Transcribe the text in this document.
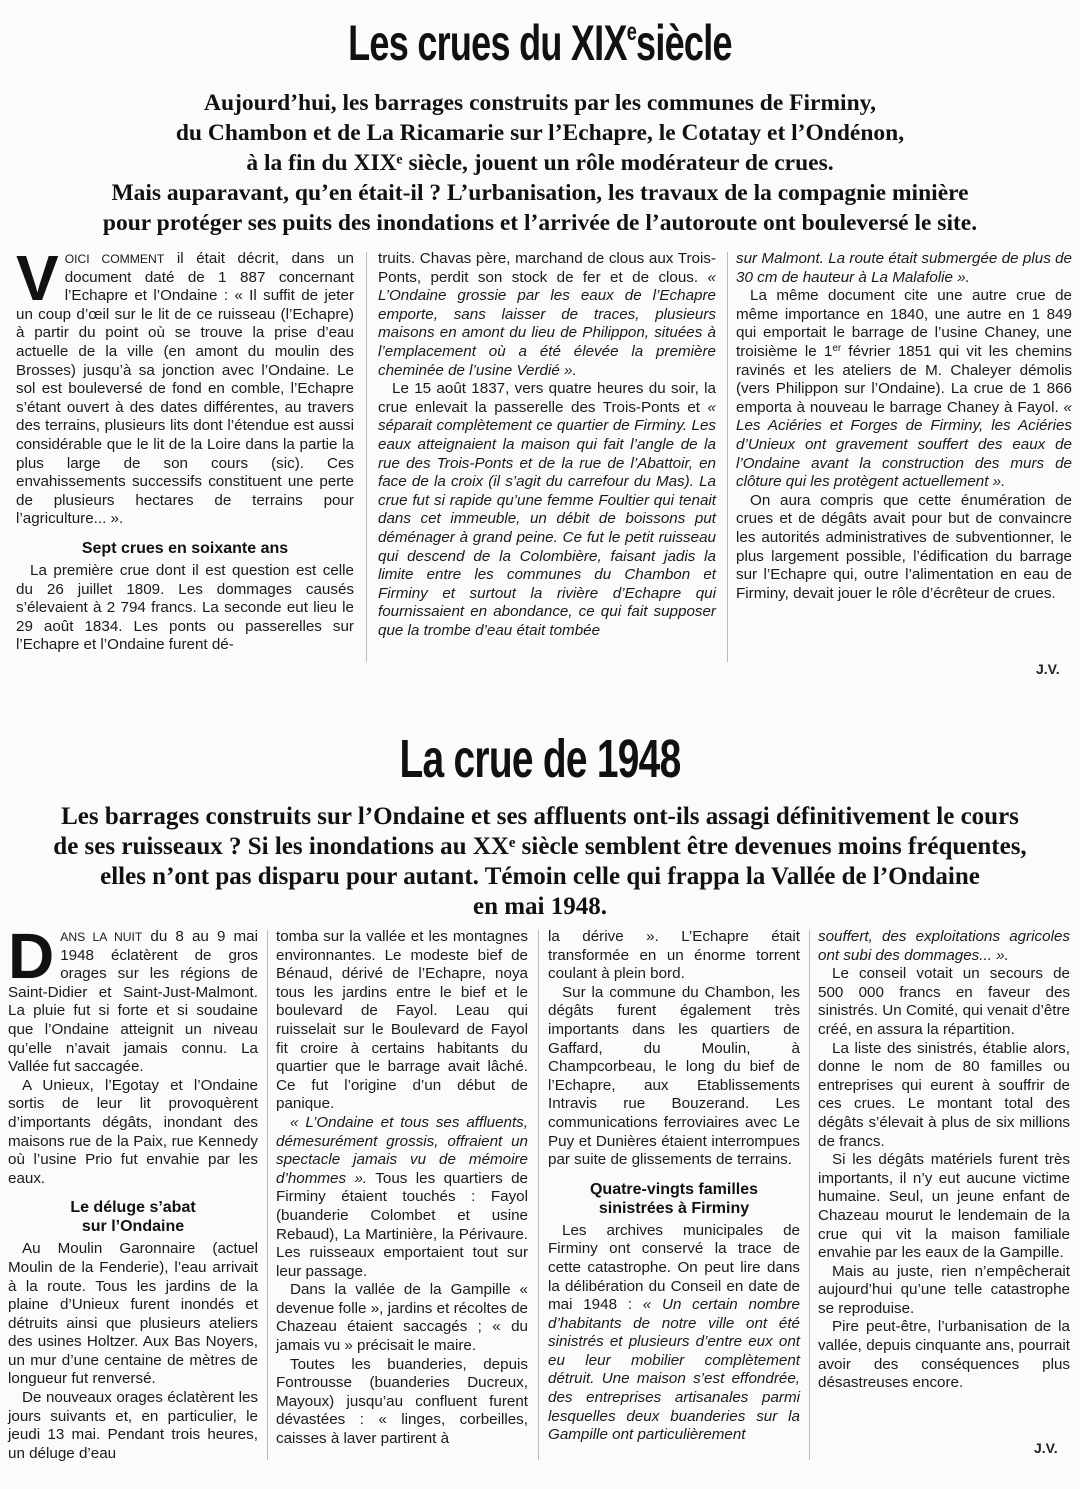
Les crues du XIXesiècle
Aujourd’hui, les barrages construits par les communes de Firminy,
du Chambon et de La Ricamarie sur l’Echapre, le Cotatay et l’Ondénon,
à la fin du XIXᵉ siècle, jouent un rôle modérateur de crues.
Mais auparavant, qu’en était-il ? L’urbanisation, les travaux de la compagnie minière
pour protéger ses puits des inondations et l’arrivée de l’autoroute ont bouleversé le site.

VOICI COMMENT il était décrit, dans un document daté de 1 887 concernant l’Echapre et l’Ondaine : « Il suffit de jeter un coup d’œil sur le lit de ce ruisseau (l’Echapre) à partir du point où se trouve la prise d’eau actuelle de la ville (en amont du moulin des Brosses) jusqu’à sa jonction avec l’Ondaine. Le sol est bouleversé de fond en comble, l’Echapre s’étant ouvert à des dates différentes, au travers des terrains, plusieurs lits dont l’étendue est aussi considérable que le lit de la Loire dans la partie la plus large de son cours (sic). Ces envahissements successifs constituent une perte de plusieurs hectares de terrains pour l’agriculture... ».

Sept crues en soixante ans

La première crue dont il est question est celle du 26 juillet 1809. Les dommages causés s’élevaient à 2 794 francs. La seconde eut lieu le 29 août 1834. Les ponts ou passerelles sur l’Echapre et l’Ondaine furent dé-

truits. Chavas père, marchand de clous aux Trois-Ponts, perdit son stock de fer et de clous. « L’Ondaine grossie par les eaux de l’Echapre emporte, sans laisser de traces, plusieurs maisons en amont du lieu de Philippon, situées à l’emplacement où a été élevée la première cheminée de l’usine Verdié ».

Le 15 août 1837, vers quatre heures du soir, la crue enlevait la passerelle des Trois-Ponts et « séparait complètement ce quartier de Firminy. Les eaux atteignaient la maison qui fait l’angle de la rue des Trois-Ponts et de la rue de l’Abattoir, en face de la croix (il s’agit du carrefour du Mas). La crue fut si rapide qu’une femme Foultier qui tenait dans cet immeuble, un débit de boissons put déménager à grand peine. Ce fut le petit ruisseau qui descend de la Colombière, faisant jadis la limite entre les communes du Chambon et Firminy et surtout la rivière d’Echapre qui fournissaient en abondance, ce qui fait supposer que la trombe d’eau était tombée

sur Malmont. La route était submergée de plus de 30 cm de hauteur à La Malafolie ».

La même document cite une autre crue de même importance en 1840, une autre en 1 849 qui emportait le barrage de l’usine Chaney, une troisième le 1er février 1851 qui vit les chemins ravinés et les ateliers de M. Chaleyer démolis (vers Philippon sur l’Ondaine). La crue de 1 866 emporta à nouveau le barrage Chaney à Fayol. « Les Aciéries et Forges de Firminy, les Aciéries d’Unieux ont gravement souffert des eaux de l’Ondaine avant la construction des murs de clôture qui les protègent actuellement ».

On aura compris que cette énumération de crues et de dégâts avait pour but de convaincre les autorités administratives de subventionner, le plus largement possible, l’édification du barrage sur l’Echapre qui, outre l’alimentation en eau de Firminy, devait jouer le rôle d’écrêteur de crues.

J.V.
La crue de 1948
Les barrages construits sur l’Ondaine et ses affluents ont-ils assagi définitivement le cours
de ses ruisseaux ? Si les inondations au XXᵉ siècle semblent être devenues moins fréquentes,
elles n’ont pas disparu pour autant. Témoin celle qui frappa la Vallée de l’Ondaine
en mai 1948.

DANS LA NUIT du 8 au 9 mai 1948 éclatèrent de gros orages sur les régions de Saint-Didier et Saint-Just-Malmont. La pluie fut si forte et si soudaine que l’Ondaine atteignit un niveau qu’elle n’avait jamais connu. La Vallée fut saccagée.

A Unieux, l’Egotay et l’Ondaine sortis de leur lit provoquèrent d’importants dégâts, inondant des maisons rue de la Paix, rue Kennedy où l’usine Prio fut envahie par les eaux.

Le déluge s’abat
sur l’Ondaine

Au Moulin Garonnaire (actuel Moulin de la Fenderie), l’eau arrivait à la route. Tous les jardins de la plaine d’Unieux furent inondés et détruits ainsi que plusieurs ateliers des usines Holtzer. Aux Bas Noyers, un mur d’une centaine de mètres de longueur fut renversé.

De nouveaux orages éclatèrent les jours suivants et, en particulier, le jeudi 13 mai. Pendant trois heures, un déluge d’eau

tomba sur la vallée et les montagnes environnantes. Le modeste bief de Bénaud, dérivé de l’Echapre, noya tous les jardins entre le bief et le boulevard de Fayol. Leau qui ruisselait sur le Boulevard de Fayol fit croire à certains habitants du quartier que le barrage avait lâché. Ce fut l’origine d’un début de panique.

« L’Ondaine et tous ses affluents, démesurément grossis, offraient un spectacle jamais vu de mémoire d’hommes ». Tous les quartiers de Firminy étaient touchés : Fayol (buanderie Colombet et usine Rebaud), La Martinière, la Périvaure. Les ruisseaux emportaient tout sur leur passage.

Dans la vallée de la Gampille « devenue folle », jardins et récoltes de Chazeau étaient saccagés ; « du jamais vu » précisait le maire.

Toutes les buanderies, depuis Fontrousse (buanderies Ducreux, Mayoux) jusqu’au confluent furent dévastées : « linges, corbeilles, caisses à laver partirent à

la dérive ». L’Echapre était transformée en un énorme torrent coulant à plein bord.

Sur la commune du Chambon, les dégâts furent également très importants dans les quartiers de Gaffard, du Moulin, à Champcorbeau, le long du bief de l’Echapre, aux Etablissements Intravis rue Bouzerand. Les communications ferroviaires avec Le Puy et Dunières étaient interrompues par suite de glissements de terrains.

Quatre-vingts familles
sinistrées à Firminy

Les archives municipales de Firminy ont conservé la trace de cette catastrophe. On peut lire dans la délibération du Conseil en date de mai 1948 : « Un certain nombre d’habitants de notre ville ont été sinistrés et plusieurs d’entre eux ont eu leur mobilier complètement détruit. Une maison s’est effondrée, des entreprises artisanales parmi lesquelles deux buanderies sur la Gampille ont particulièrement

souffert, des exploitations agricoles ont subi des dommages... ».

Le conseil votait un secours de 500 000 francs en faveur des sinistrés. Un Comité, qui venait d’être créé, en assura la répartition.

La liste des sinistrés, établie alors, donne le nom de 80 familles ou entreprises qui eurent à souffrir de ces crues. Le montant total des dégâts s’élevait à plus de six millions de francs.

Si les dégâts matériels furent très importants, il n’y eut aucune victime humaine. Seul, un jeune enfant de Chazeau mourut le lendemain de la crue qui vit la maison familiale envahie par les eaux de la Gampille.

Mais au juste, rien n’empêcherait aujourd’hui qu’une telle catastrophe se reproduise.

Pire peut-être, l’urbanisation de la vallée, depuis cinquante ans, pourrait avoir des conséquences plus désastreuses encore.

J.V.
